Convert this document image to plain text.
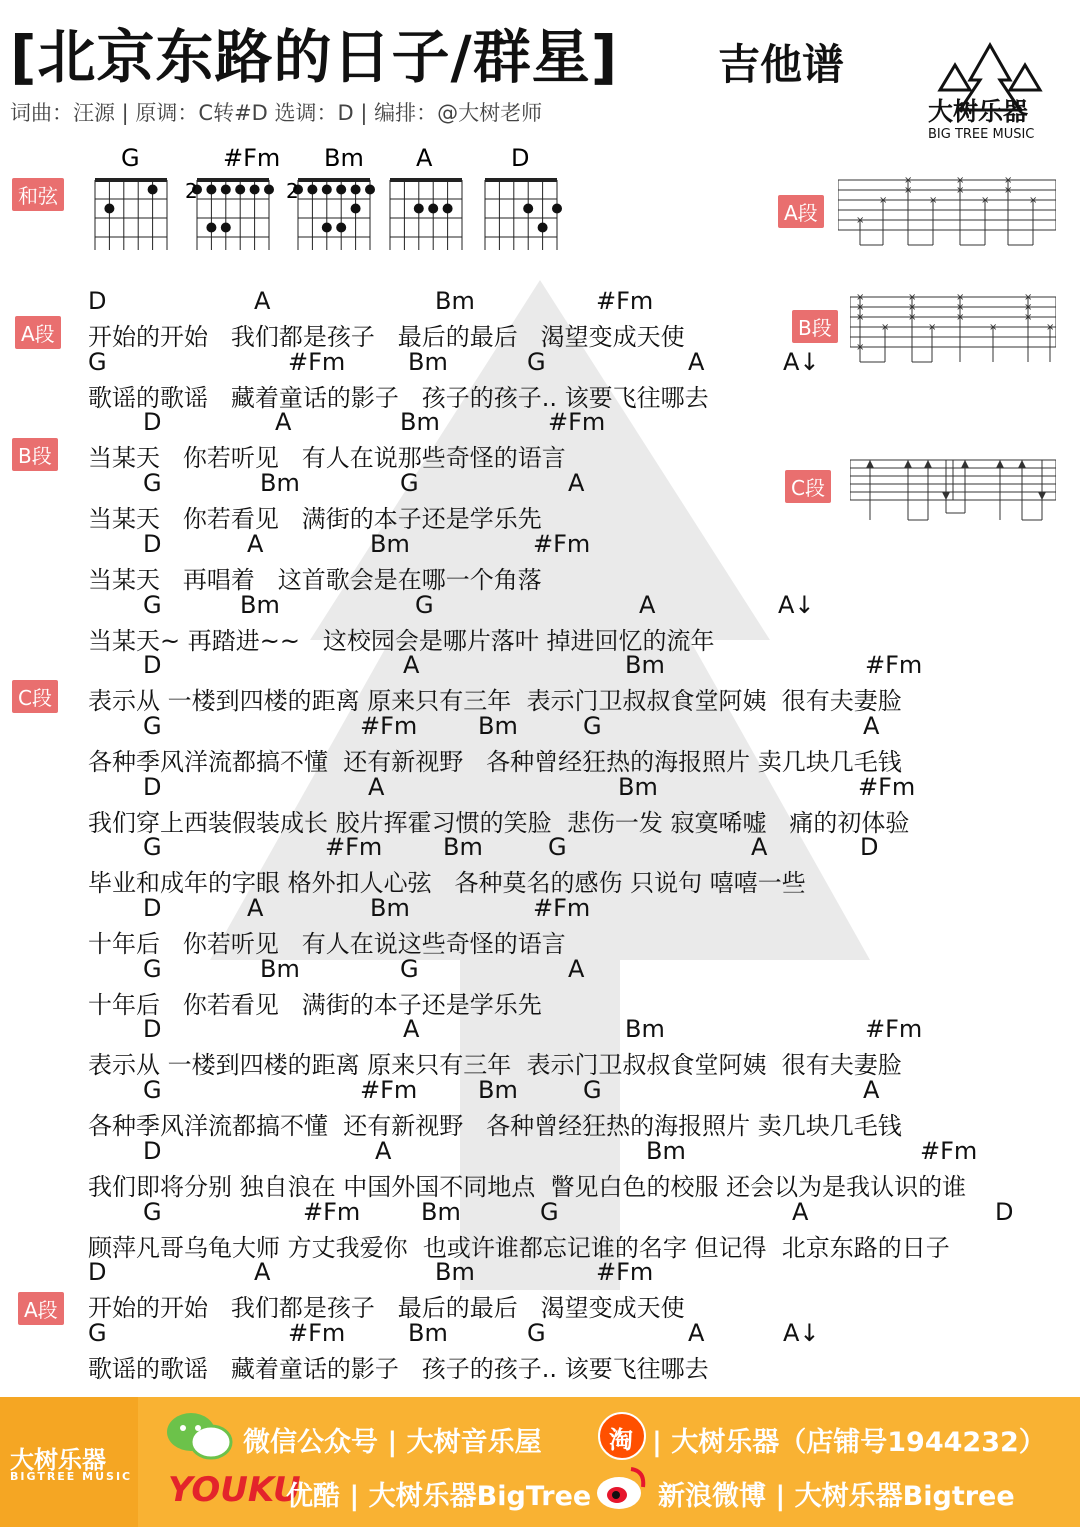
[北京东路的日子/群星] 吉他谱
词曲：汪源 | 原调：C转#D 选调：D | 编排：@大树老师	大树乐器
BIG TREE MUSIC
和弦
G	#Fm
2
Bm
2
A	D
A段
B段
C段
×
×
×
×
×
×
×
×
×
×
×
×
×
×
×
×
×
×
×
×
×
×
×
×
×
×
×
×
A段
B段
C段
A段
D	A	Bm	#Fm
开始的开始   我们都是孩子   最后的最后   渴望变成天使
G	#Fm	Bm	G	A	A↓
歌谣的歌谣   藏着童话的影子   孩子的孩子.. 该要飞往哪去
D	A	Bm	#Fm
当某天   你若听见   有人在说那些奇怪的语言
G	Bm	G	A
当某天   你若看见   满街的本子还是学乐先
D	A	Bm	#Fm
当某天   再唱着   这首歌会是在哪一个角落
G	Bm	G	A	A↓
当某天~ 再踏进~~   这校园会是哪片落叶 掉进回忆的流年
D	A	Bm	#Fm
表示从 一楼到四楼的距离 原来只有三年  表示门卫叔叔食堂阿姨  很有夫妻脸
G	#Fm	Bm	G	A
各种季风洋流都搞不懂  还有新视野   各种曾经狂热的海报照片 卖几块几毛钱
D	A	Bm	#Fm
我们穿上西装假装成长 胶片挥霍习惯的笑脸  悲伤一发 寂寞唏嘘   痛的初体验
G	#Fm	Bm	G	A	D
毕业和成年的字眼 格外扣人心弦   各种莫名的感伤 只说句 嘻嘻一些
D	A	Bm	#Fm
十年后   你若听见   有人在说这些奇怪的语言
G	Bm	G	A
十年后   你若看见   满街的本子还是学乐先
D	A	Bm	#Fm
表示从 一楼到四楼的距离 原来只有三年  表示门卫叔叔食堂阿姨  很有夫妻脸
G	#Fm	Bm	G	A
各种季风洋流都搞不懂  还有新视野   各种曾经狂热的海报照片 卖几块几毛钱
D	A	Bm	#Fm
我们即将分别 独自浪在 中国外国不同地点  瞥见白色的校服 还会以为是我认识的谁
G	#Fm	Bm	G	A	D
顾萍凡哥乌龟大师 方丈我爱你  也或许谁都忘记谁的名字 但记得  北京东路的日子
D	A	Bm	#Fm
开始的开始   我们都是孩子   最后的最后   渴望变成天使
G	#Fm	Bm	G	A	A↓
歌谣的歌谣   藏着童话的影子   孩子的孩子.. 该要飞往哪去
大树乐器
BIGTREE MUSIC
微信公众号 | 大树音乐屋	淘 | 大树乐器（店铺号1944232）
YOUKU
优酷 | 大树乐器BigTree 新浪微博 | 大树乐器Bigtree
